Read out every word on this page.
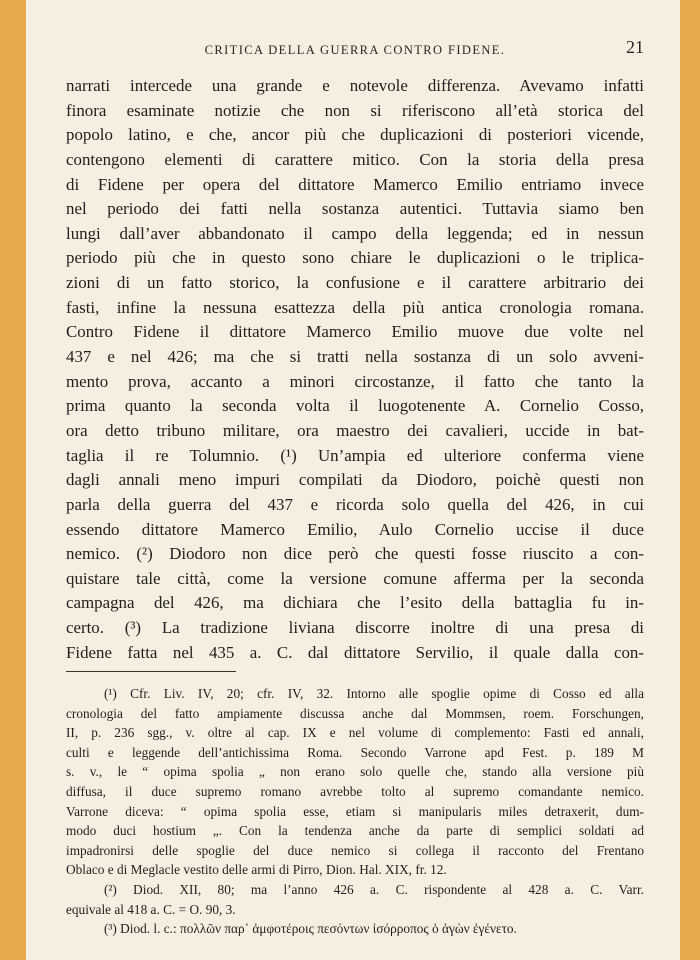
CRITICA DELLA GUERRA CONTRO FIDENE.	21
narrati intercede una grande e notevole differenza. Avevamo infatti
finora esaminate notizie che non si riferiscono all’età storica del
popolo latino, e che, ancor più che duplicazioni di posteriori vicende,
contengono elementi di carattere mitico. Con la storia della presa
di Fidene per opera del dittatore Mamerco Emilio entriamo invece
nel periodo dei fatti nella sostanza autentici. Tuttavia siamo ben
lungi dall’aver abbandonato il campo della leggenda; ed in nessun
periodo più che in questo sono chiare le duplicazioni o le triplica-
zioni di un fatto storico, la confusione e il carattere arbitrario dei
fasti, infine la nessuna esattezza della più antica cronologia romana.
Contro Fidene il dittatore Mamerco Emilio muove due volte nel
437 e nel 426; ma che si tratti nella sostanza di un solo avveni-
mento prova, accanto a minori circostanze, il fatto che tanto la
prima quanto la seconda volta il luogotenente A. Cornelio Cosso,
ora detto tribuno militare, ora maestro dei cavalieri, uccide in bat-
taglia il re Tolumnio. (¹) Un’ampia ed ulteriore conferma viene
dagli annali meno impuri compilati da Diodoro, poichè questi non
parla della guerra del 437 e ricorda solo quella del 426, in cui
essendo dittatore Mamerco Emilio, Aulo Cornelio uccise il duce
nemico. (²) Diodoro non dice però che questi fosse riuscito a con-
quistare tale città, come la versione comune afferma per la seconda
campagna del 426, ma dichiara che l’esito della battaglia fu in-
certo. (³) La tradizione liviana discorre inoltre di una presa di
Fidene fatta nel 435 a. C. dal dittatore Servilio, il quale dalla con-
(¹) Cfr. Liv. IV, 20; cfr. IV, 32. Intorno alle spoglie opime di Cosso ed alla
cronologia del fatto ampiamente discussa anche dal Mommsen, roem. Forschungen,
II, p. 236 sgg., v. oltre al cap. IX e nel volume di complemento: Fasti ed annali,
culti e leggende dell’antichissima Roma. Secondo Varrone apd Fest. p. 189 M
s. v., le “ opima spolia „ non erano solo quelle che, stando alla versione più
diffusa, il duce supremo romano avrebbe tolto al supremo comandante nemico.
Varrone diceva: “ opima spolia esse, etiam si manipularis miles detraxerit, dum-
modo duci hostium „. Con la tendenza anche da parte di semplici soldati ad
impadronirsi delle spoglie del duce nemico si collega il racconto del Frentano
Oblaco e di Meglacle vestito delle armi di Pirro, Dion. Hal. XIX, fr. 12.
(²) Diod. XII, 80; ma l’anno 426 a. C. rispondente al 428 a. C. Varr.
equivale al 418 a. C. = O. 90, 3.
(³) Diod. l. c.: πολλῶν παρ᾽ ἀμφοτέροις πεσόντων ἰσόρροπος ὁ ἀγὼν ἐγένετο.
